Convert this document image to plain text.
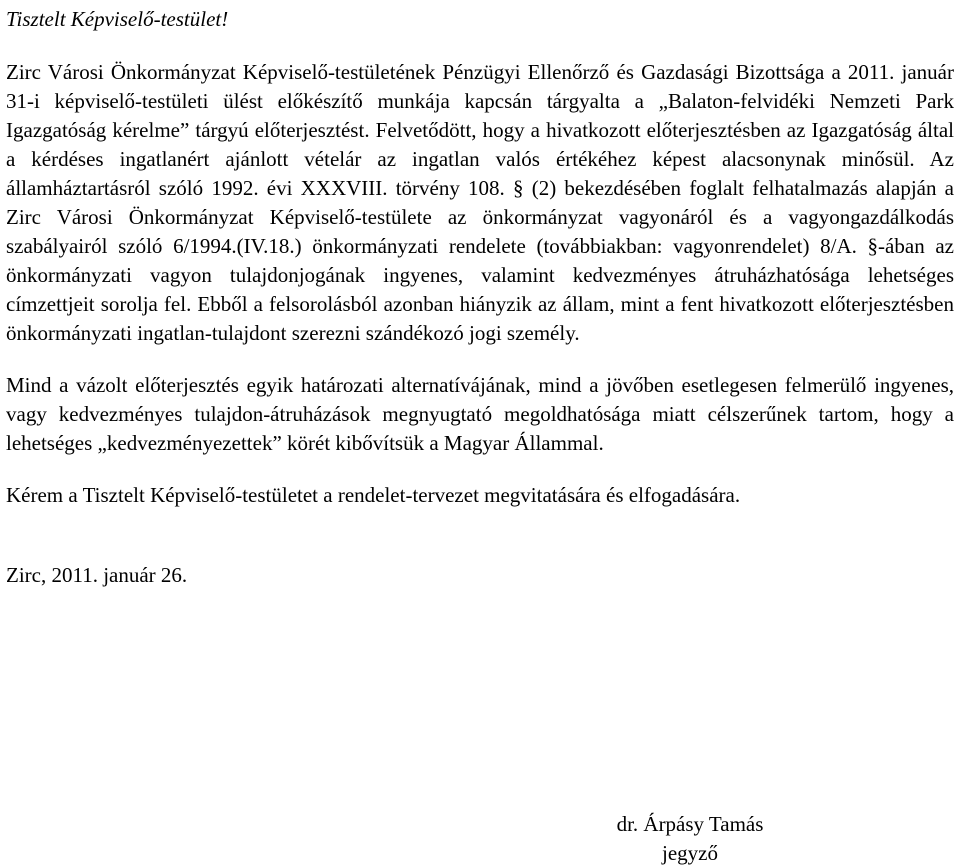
Tisztelt Képviselő-testület!

Zirc Városi Önkormányzat Képviselő-testületének Pénzügyi Ellenőrző és Gazdasági Bizottsága a 2011. január 31-i képviselő-testületi ülést előkészítő munkája kapcsán tárgyalta a „Balaton-felvidéki Nemzeti Park Igazgatóság kérelme” tárgyú előterjesztést. Felvetődött, hogy a hivatkozott előterjesztésben az Igazgatóság által a kérdéses ingatlanért ajánlott vételár az ingatlan valós értékéhez képest alacsonynak minősül. Az államháztartásról szóló 1992. évi XXXVIII. törvény 108. § (2) bekezdésében foglalt felhatalmazás alapján a Zirc Városi Önkormányzat Képviselő-testülete az önkormányzat vagyonáról és a vagyongazdálkodás szabályairól szóló 6/1994.(IV.18.) önkormányzati rendelete (továbbiakban: vagyonrendelet) 8/A. §-ában az önkormányzati vagyon tulajdonjogának ingyenes, valamint kedvezményes átruházhatósága lehetséges címzettjeit sorolja fel. Ebből a felsorolásból azonban hiányzik az állam, mint a fent hivatkozott előterjesztésben önkormányzati ingatlan-tulajdont szerezni szándékozó jogi személy.

Mind a vázolt előterjesztés egyik határozati alternatívájának, mind a jövőben esetlegesen felmerülő ingyenes, vagy kedvezményes tulajdon-átruházások megnyugtató megoldhatósága miatt célszerűnek tartom, hogy a lehetséges „kedvezményezettek” körét kibővítsük a Magyar Állammal.

Kérem a Tisztelt Képviselő-testületet a rendelet-tervezet megvitatására és elfogadására.

Zirc, 2011. január 26.

dr. Árpásy Tamás
jegyző
